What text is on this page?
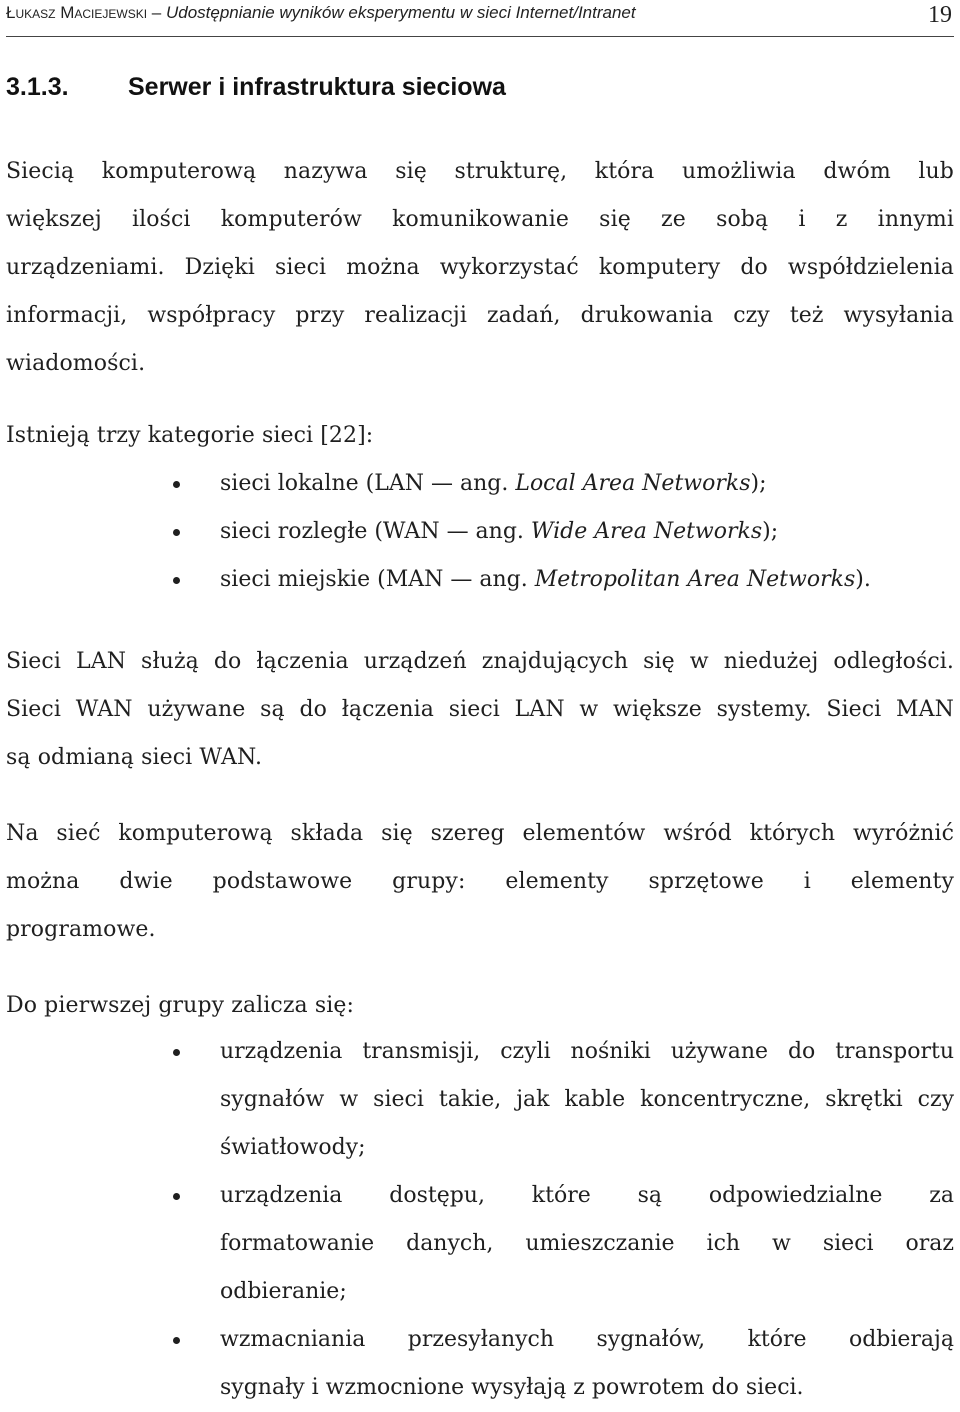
Łukasz Maciejewski – Udostępnianie wyników eksperymentu w sieci Internet/Intranet	19
3.1.3. Serwer i infrastruktura sieciowa
Siecią komputerową nazywa się strukturę, która umożliwia dwóm lub
większej ilości komputerów komunikowanie się ze sobą i z innymi
urządzeniami. Dzięki sieci można wykorzystać komputery do współdzielenia
informacji, współpracy przy realizacji zadań, drukowania czy też wysyłania
wiadomości.
Istnieją trzy kategorie sieci [22]:
sieci lokalne (LAN — ang. Local Area Networks);
sieci rozległe (WAN — ang. Wide Area Networks);
sieci miejskie (MAN — ang. Metropolitan Area Networks).
Sieci LAN służą do łączenia urządzeń znajdujących się w niedużej odległości.
Sieci WAN używane są do łączenia sieci LAN w większe systemy. Sieci MAN
są odmianą sieci WAN.
Na sieć komputerową składa się szereg elementów wśród których wyróżnić
można dwie podstawowe grupy: elementy sprzętowe i elementy
programowe.
Do pierwszej grupy zalicza się:
urządzenia transmisji, czyli nośniki używane do transportu
sygnałów w sieci takie, jak kable koncentryczne, skrętki czy
światłowody;
urządzenia dostępu, które są odpowiedzialne za
formatowanie danych, umieszczanie ich w sieci oraz
odbieranie;
wzmacniania przesyłanych sygnałów, które odbierają
sygnały i wzmocnione wysyłają z powrotem do sieci.
